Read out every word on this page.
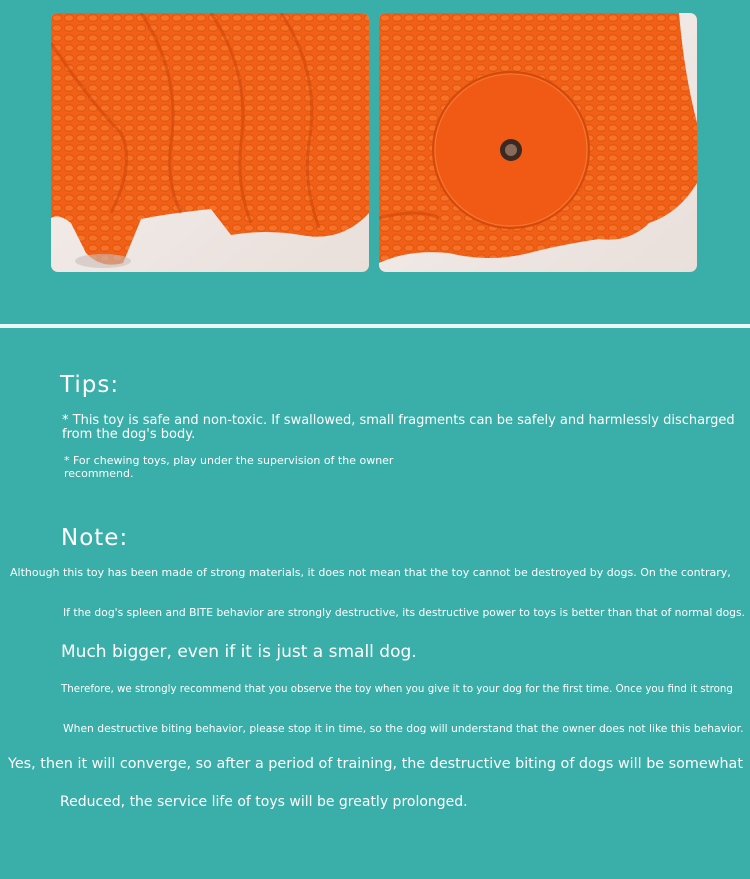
Tips:
* This toy is safe and non-toxic. If swallowed, small fragments can be safely and harmlessly discharged from the dog's body.
* For chewing toys, play under the supervision of the owner recommend.
Note:
Although this toy has been made of strong materials, it does not mean that the toy cannot be destroyed by dogs. On the contrary,
If the dog's spleen and BITE behavior are strongly destructive, its destructive power to toys is better than that of normal dogs.
Much bigger, even if it is just a small dog.
Therefore, we strongly recommend that you observe the toy when you give it to your dog for the first time. Once you find it strong
When destructive biting behavior, please stop it in time, so the dog will understand that the owner does not like this behavior.
Yes, then it will converge, so after a period of training, the destructive biting of dogs will be somewhat
Reduced, the service life of toys will be greatly prolonged.
